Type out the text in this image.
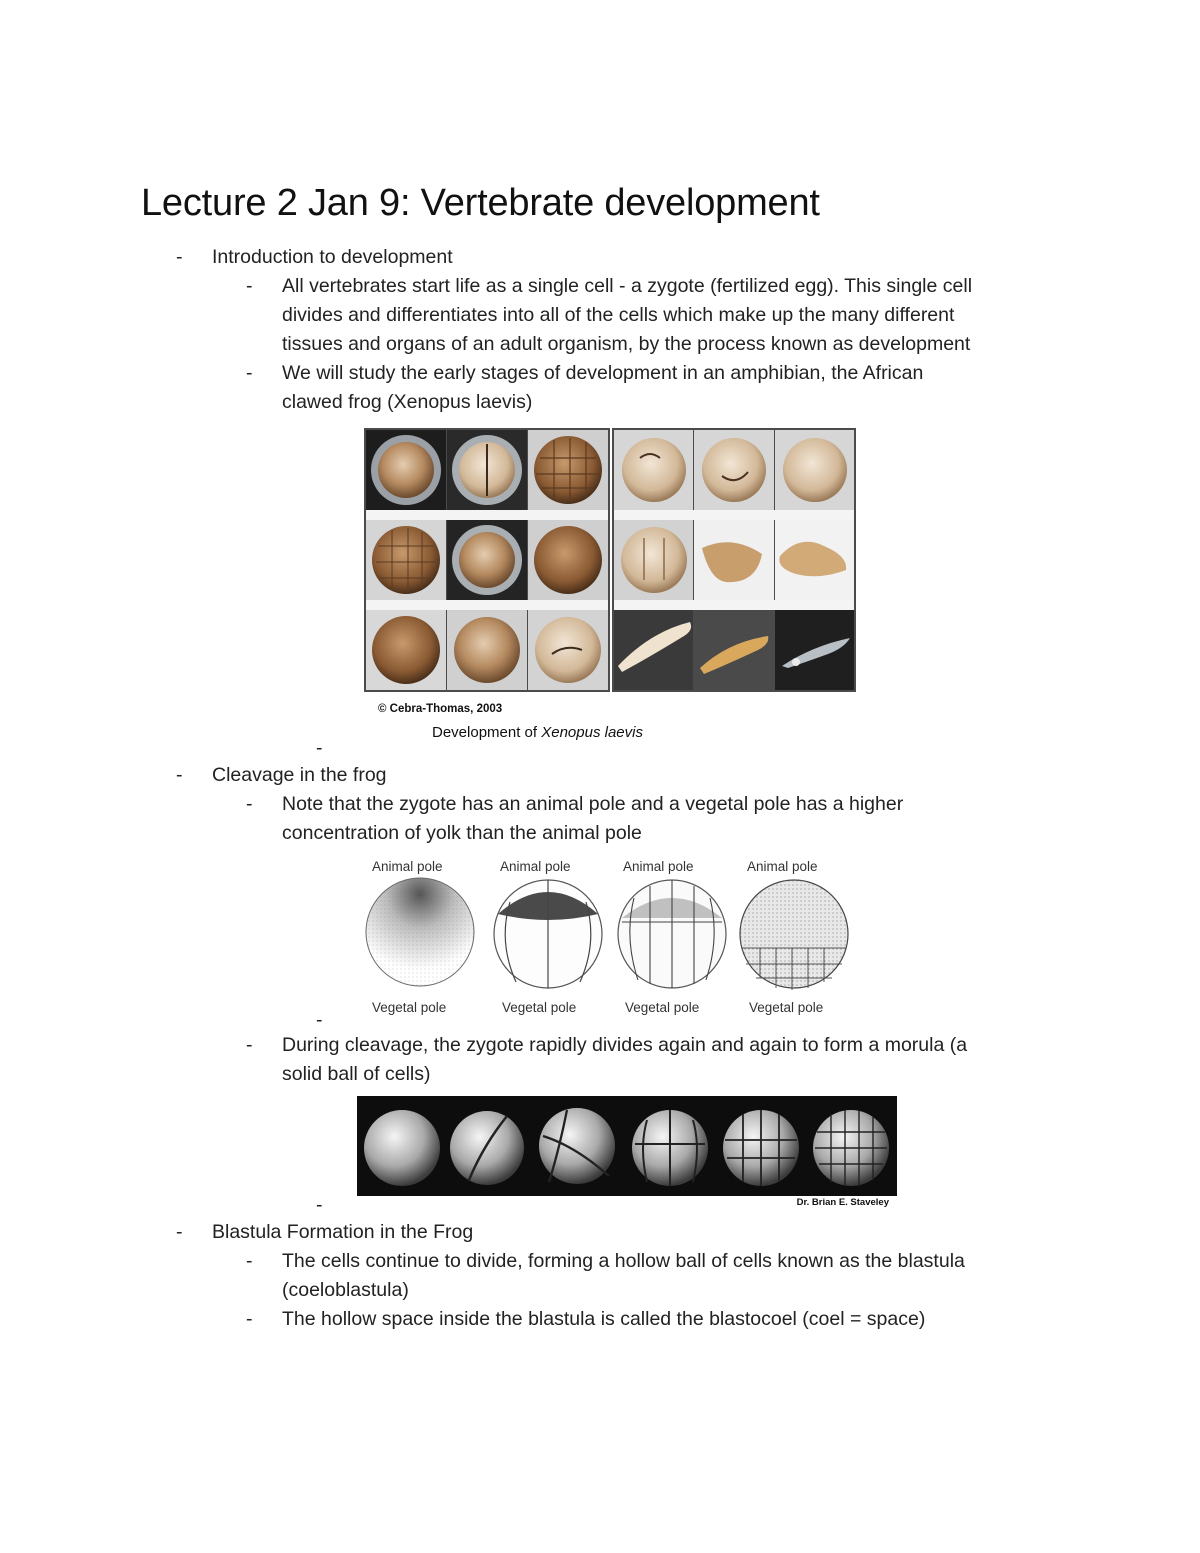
Lecture 2 Jan 9: Vertebrate development
- Introduction to development
- All vertebrates start life as a single cell - a zygote (fertilized egg). This single cell
divides and differentiates into all of the cells which make up the many different
tissues and organs of an adult organism, by the process known as development
- We will study the early stages of development in an amphibian, the African
clawed frog (Xenopus laevis)
© Cebra-Thomas, 2003
Development of Xenopus laevis
-
- Cleavage in the frog
- Note that the zygote has an animal pole and a vegetal pole has a higher
concentration of yolk than the animal pole
Animal pole	Animal pole	Animal pole	Animal pole
Vegetal pole	Vegetal pole	Vegetal pole	Vegetal pole
-
- During cleavage, the zygote rapidly divides again and again to form a morula (a
solid ball of cells)
Dr. Brian E. Staveley
-
- Blastula Formation in the Frog
- The cells continue to divide, forming a hollow ball of cells known as the blastula
(coeloblastula)
- The hollow space inside the blastula is called the blastocoel (coel = space)
